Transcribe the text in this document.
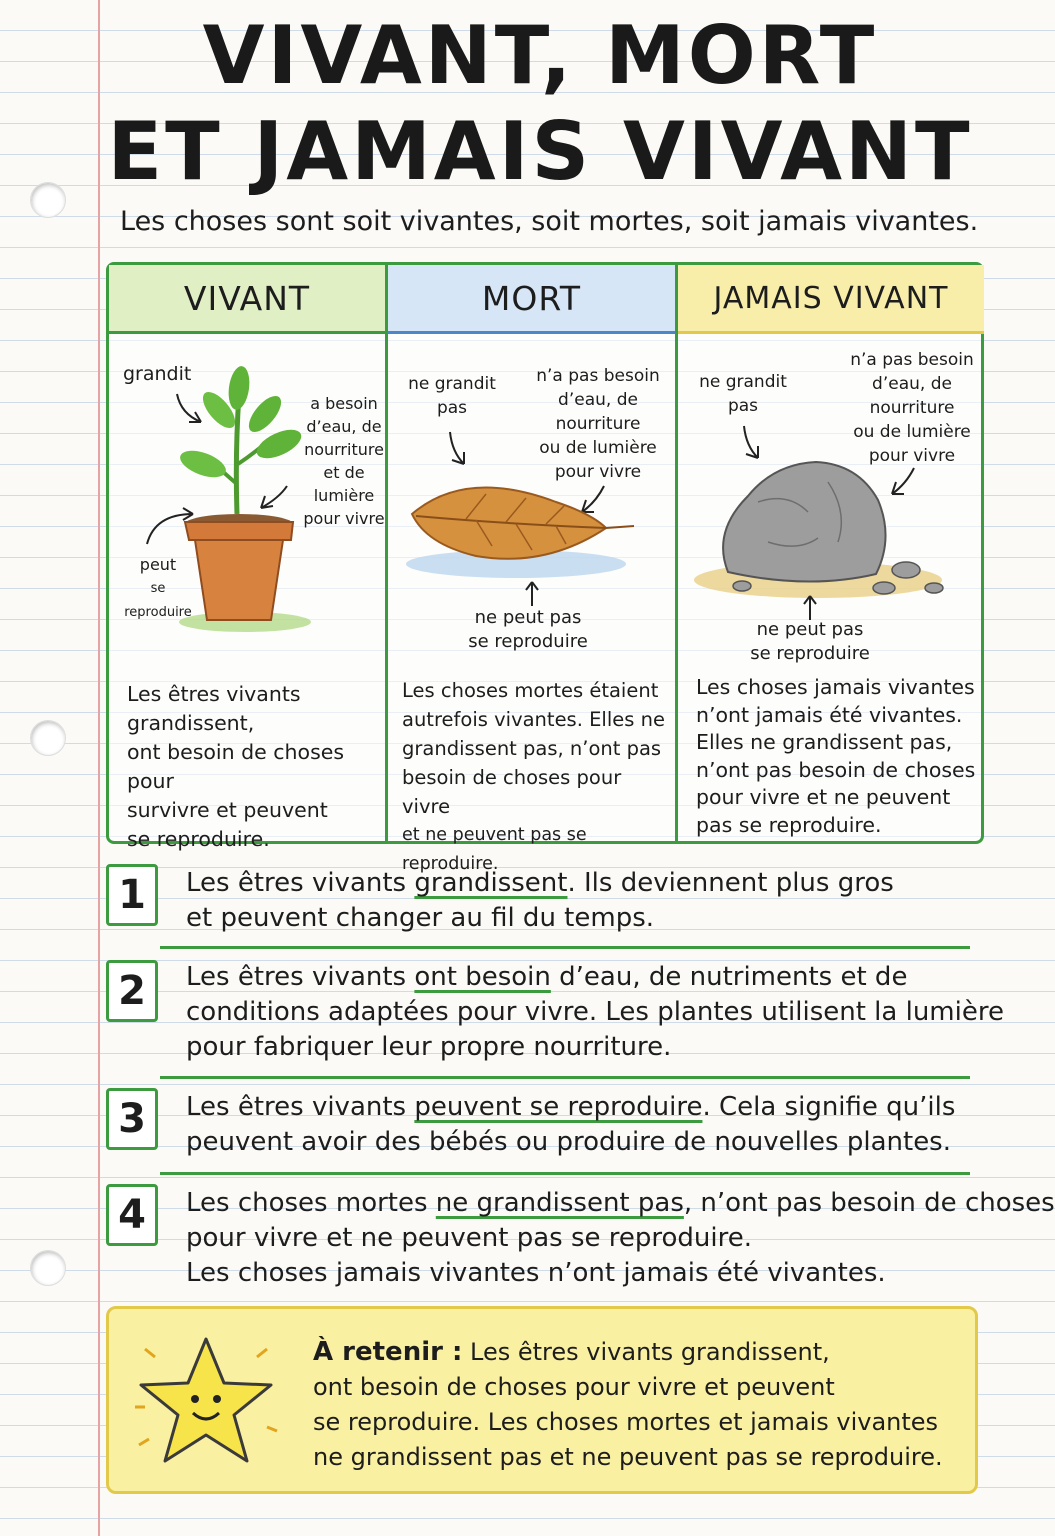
VIVANT, MORT
ET JAMAIS VIVANT

Les choses sont soit vivantes, soit mortes, soit jamais vivantes.

VIVANT

grandit

a besoin

d’eau, de

nourriture

et de lumière

pour vivre

peut
se reproduire

Les êtres vivants grandissent,

ont besoin de choses pour

survivre et peuvent

se reproduire.

MORT

ne grandit

pas

n’a pas besoin

d’eau, de

nourriture

ou de lumière

pour vivre

ne peut pas

se reproduire

Les choses mortes étaient

autrefois vivantes. Elles ne

grandissent pas, n’ont pas

besoin de choses pour vivre

et ne peuvent pas se reproduire.

JAMAIS VIVANT

ne grandit

pas

n’a pas besoin

d’eau, de

nourriture

ou de lumière

pour vivre

ne peut pas

se reproduire

Les choses jamais vivantes

n’ont jamais été vivantes.

Elles ne grandissent pas,

n’ont pas besoin de choses

pour vivre et ne peuvent

pas se reproduire.

1	Les êtres vivants grandissent. Ils deviennent plus gros
et peuvent changer au fil du temps.

2	Les êtres vivants ont besoin d’eau, de nutriments et de
conditions adaptées pour vivre. Les plantes utilisent la lumière
pour fabriquer leur propre nourriture.

3	Les êtres vivants peuvent se reproduire. Cela signifie qu’ils
peuvent avoir des bébés ou produire de nouvelles plantes.

4	Les choses mortes ne grandissent pas, n’ont pas besoin de choses
pour vivre et ne peuvent pas se reproduire.
Les choses jamais vivantes n’ont jamais été vivantes.

À retenir : Les êtres vivants grandissent,
ont besoin de choses pour vivre et peuvent
se reproduire. Les choses mortes et jamais vivantes
ne grandissent pas et ne peuvent pas se reproduire.
